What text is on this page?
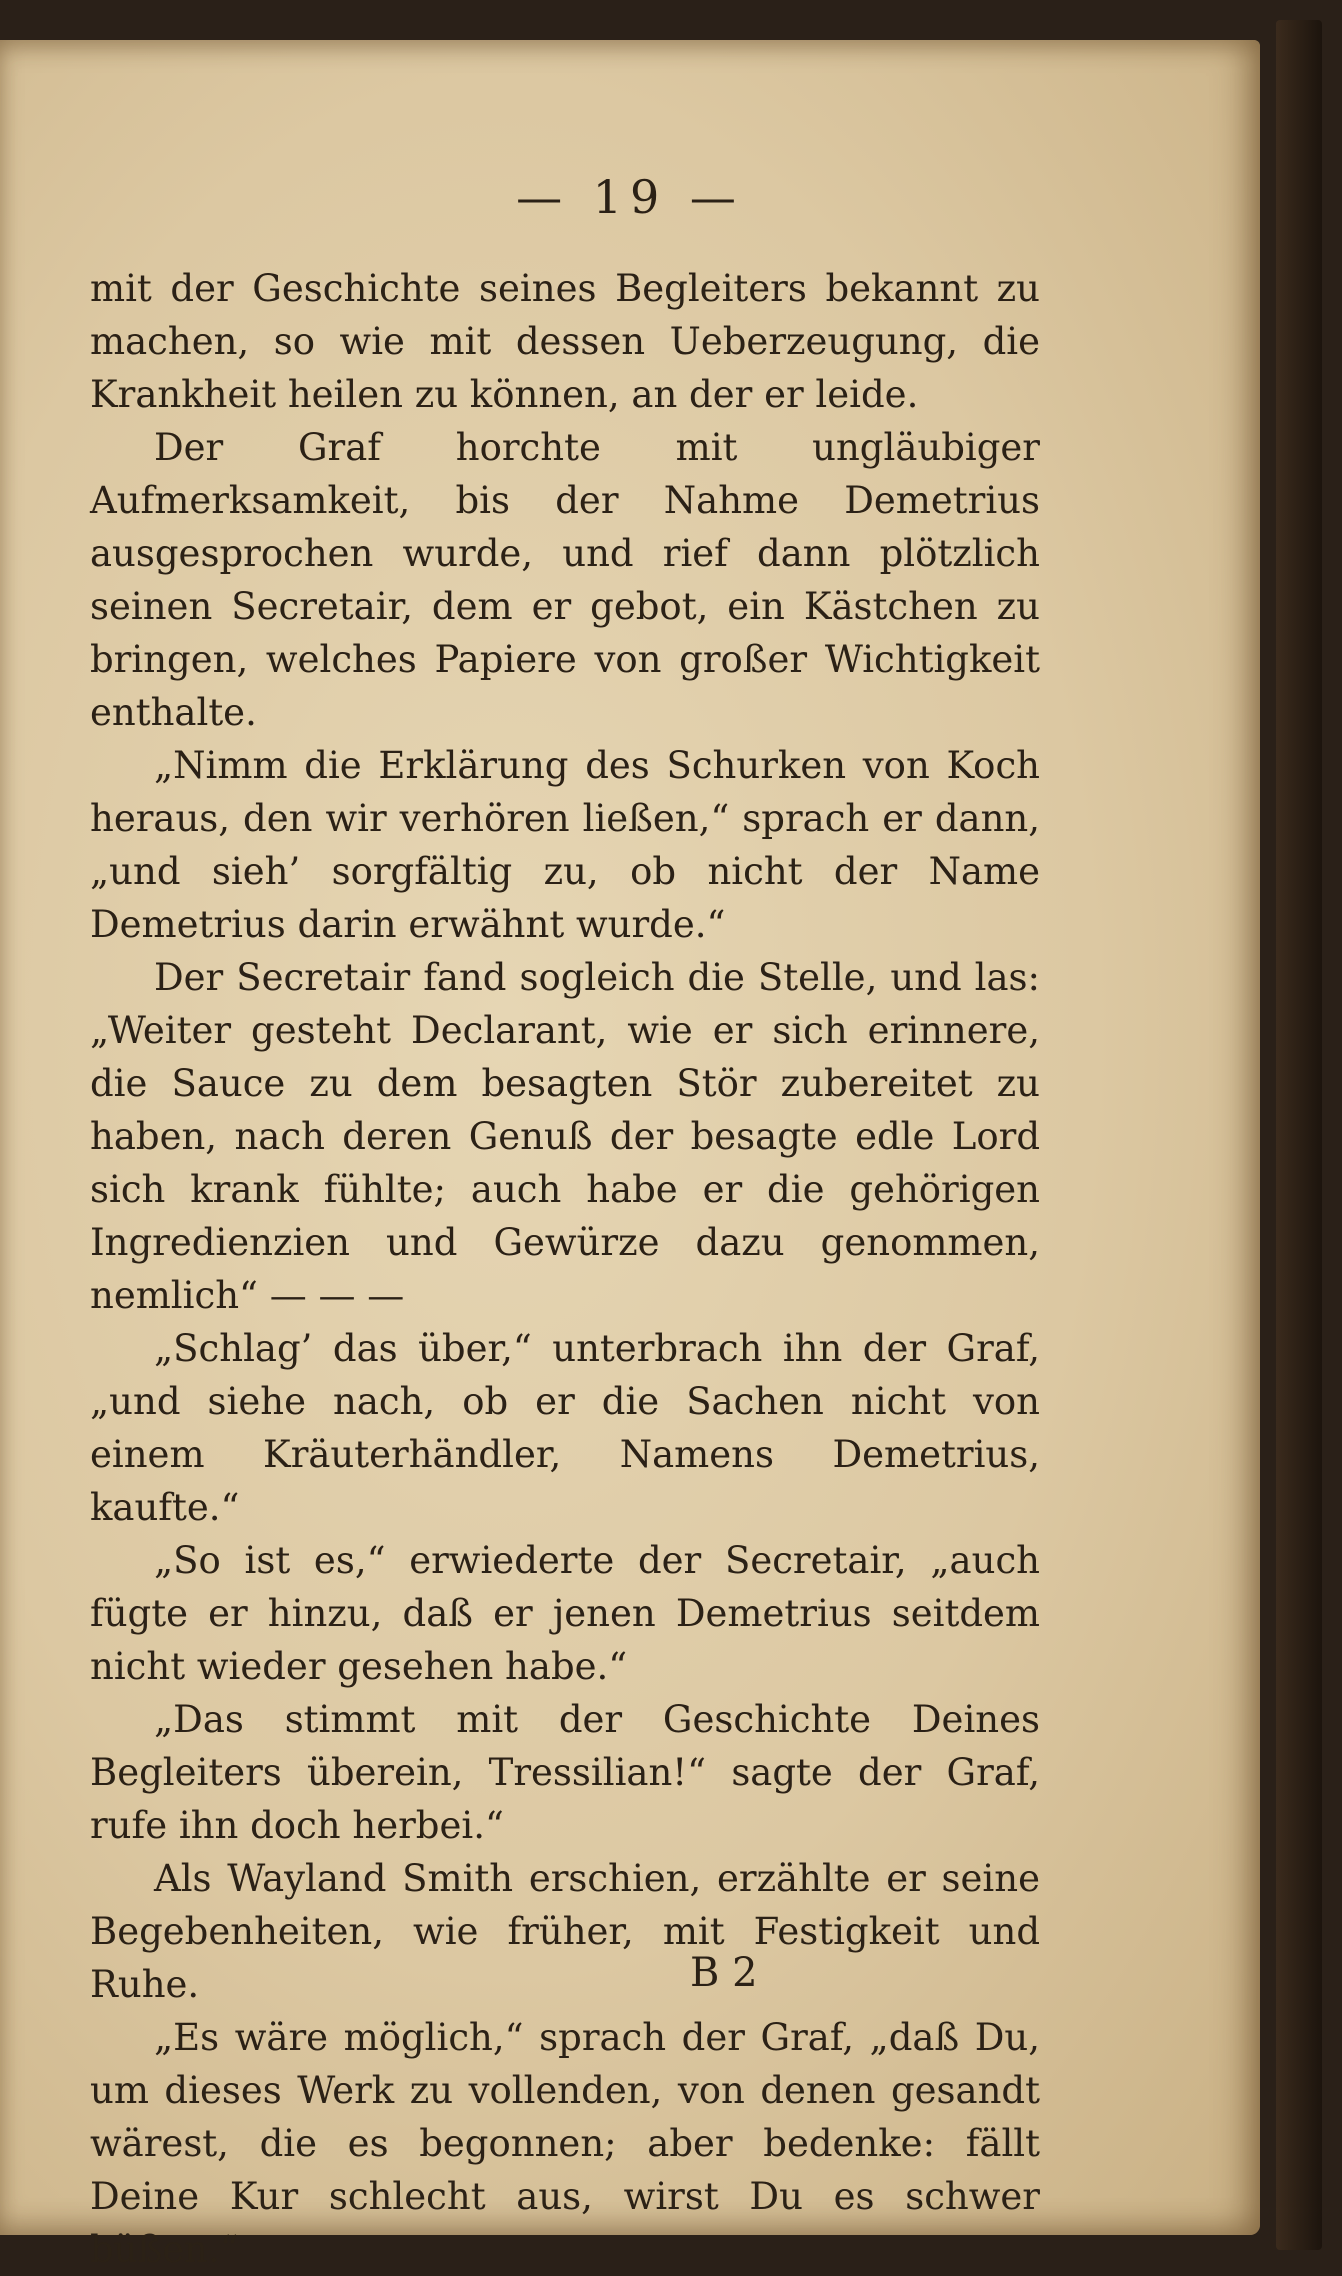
— 19 —

mit der Geschichte seines Begleiters bekannt zu machen, so wie mit dessen Ueberzeugung, die Krankheit heilen zu können, an der er leide.

Der Graf horchte mit ungläubiger Aufmerksamkeit, bis der Nahme Demetrius ausgesprochen wurde, und rief dann plötzlich seinen Secretair, dem er gebot, ein Kästchen zu bringen, welches Papiere von großer Wichtigkeit enthalte.

„Nimm die Erklärung des Schurken von Koch heraus, den wir verhören ließen,“ sprach er dann, „und sieh’ sorgfältig zu, ob nicht der Name Demetrius darin erwähnt wurde.“

Der Secretair fand sogleich die Stelle, und las: „Weiter gesteht Declarant, wie er sich erinnere, die Sauce zu dem besagten Stör zubereitet zu haben, nach deren Genuß der besagte edle Lord sich krank fühlte; auch habe er die gehörigen Ingredienzien und Gewürze dazu genommen, nemlich“ — — —

„Schlag’ das über,“ unterbrach ihn der Graf, „und siehe nach, ob er die Sachen nicht von einem Kräuterhändler, Namens Demetrius, kaufte.“

„So ist es,“ erwiederte der Secretair, „auch fügte er hinzu, daß er jenen Demetrius seitdem nicht wieder gesehen habe.“

„Das stimmt mit der Geschichte Deines Begleiters überein, Tressilian!“ sagte der Graf, rufe ihn doch herbei.“

Als Wayland Smith erschien, erzählte er seine Begebenheiten, wie früher, mit Festigkeit und Ruhe.

„Es wäre möglich,“ sprach der Graf, „daß Du, um dieses Werk zu vollenden, von denen gesandt wärest, die es begonnen; aber bedenke: fällt Deine Kur schlecht aus, wirst Du es schwer büßen.“

B 2
